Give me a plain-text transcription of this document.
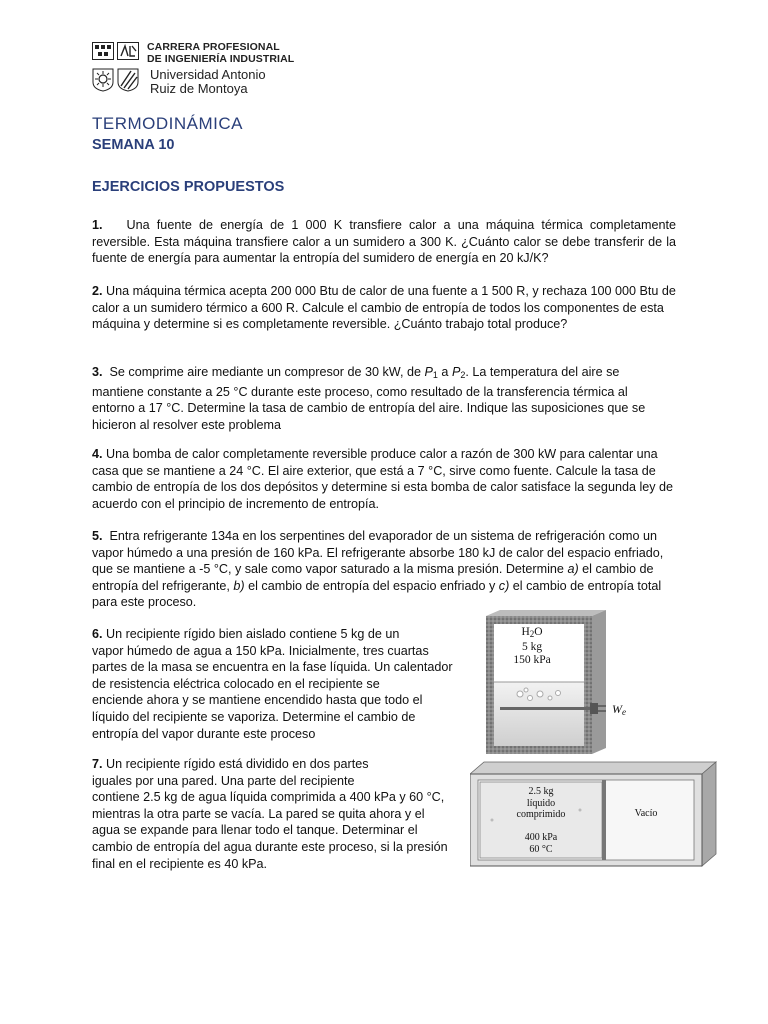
CARRERA PROFESIONAL
DE INGENIERÍA INDUSTRIAL
Universidad Antonio
Ruiz de Montoya
TERMODINÁMICA
SEMANA 10
EJERCICIOS PROPUESTOS

1. Una fuente de energía de 1 000 K transfiere calor a una máquina térmica completamente reversible. Esta máquina transfiere calor a un sumidero a 300 K. ¿Cuánto calor se debe transferir de la fuente de energía para aumentar la entropía del sumidero de energía en 20 kJ/K?

2. Una máquina térmica acepta 200 000 Btu de calor de una fuente a 1 500 R, y rechaza 100 000 Btu de calor a un sumidero térmico a 600 R. Calcule el cambio de entropía de todos los componentes de esta máquina y determine si es completamente reversible. ¿Cuánto trabajo total produce?

3. Se comprime aire mediante un compresor de 30 kW, de $P_1$ a $P_2$. La temperatura del aire se mantiene constante a 25 °C durante este proceso, como resultado de la transferencia térmica al entorno a 17 °C. Determine la tasa de cambio de entropía del aire. Indique las suposiciones que se hicieron al resolver este problema

4. Una bomba de calor completamente reversible produce calor a razón de 300 kW para calentar una casa que se mantiene a 24 °C. El aire exterior, que está a 7 °C, sirve como fuente. Calcule la tasa de cambio de entropía de los dos depósitos y determine si esta bomba de calor satisface la segunda ley de acuerdo con el principio de incremento de entropía.

5. Entra refrigerante 134a en los serpentines del evaporador de un sistema de refrigeración como un vapor húmedo a una presión de 160 kPa. El refrigerante absorbe 180 kJ de calor del espacio enfriado, que se mantiene a -5 °C, y sale como vapor saturado a la misma presión. Determine a) el cambio de entropía del refrigerante, b) el cambio de entropía del espacio enfriado y c) el cambio de entropía total para este proceso.

6. Un recipiente rígido bien aislado contiene 5 kg de un
vapor húmedo de agua a 150 kPa. Inicialmente, tres cuartas
partes de la masa se encuentra en la fase líquida. Un calentador
de resistencia eléctrica colocado en el recipiente se
enciende ahora y se mantiene encendido hasta que todo el
líquido del recipiente se vaporiza. Determine el cambio de
entropía del vapor durante este proceso
$H_2O$
5 kg
150 kPa
$W_e$
7. Un recipiente rígido está dividido en dos partes
iguales por una pared. Una parte del recipiente
contiene 2.5 kg de agua líquida comprimida a 400 kPa y 60 °C,
mientras la otra parte se vacía. La pared se quita ahora y el
agua se expande para llenar todo el tanque. Determinar el
cambio de entropía del agua durante este proceso, si la presión
final en el recipiente es 40 kPa.
2.5 kg
líquido
comprimido
400 kPa
60 °C
Vacío
